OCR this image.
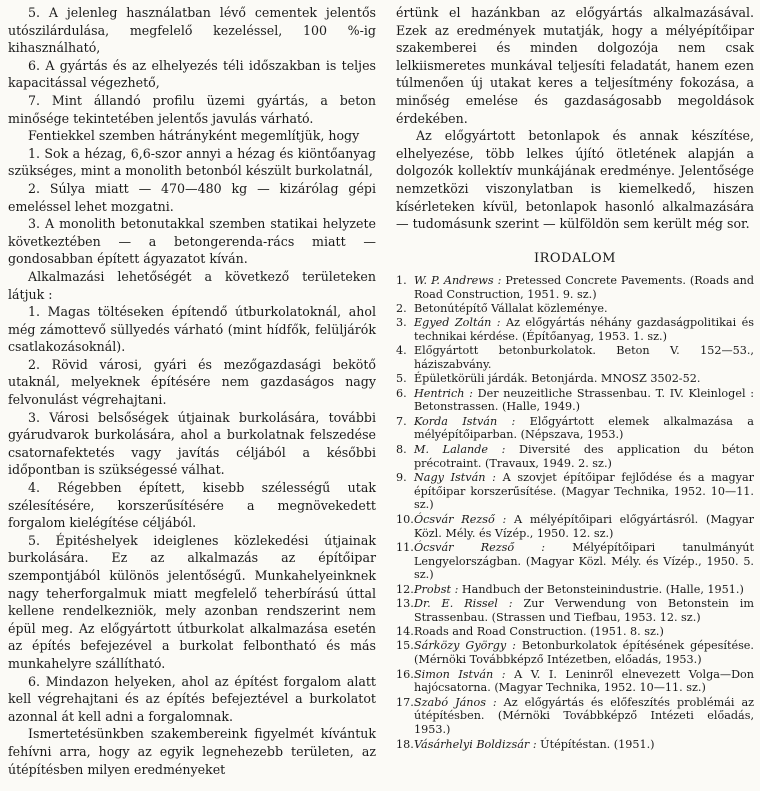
5. A jelenleg használatban lévő cementek jelentős utószilárdulása, megfelelő kezeléssel, 100 %-ig kihasználható,

6. A gyártás és az elhelyezés téli időszakban is teljes kapacitással végezhető,

7. Mint állandó profilu üzemi gyártás, a beton minősége tekintetében jelentős javulás várható.

Fentiekkel szemben hátrányként megemlítjük, hogy

1. Sok a hézag, 6,6-szor annyi a hézag és kiöntőanyag szükséges, mint a monolith betonból készült burkolatnál,

2. Súlya miatt — 470—480 kg — kizárólag gépi emeléssel lehet mozgatni.

3. A monolith betonutakkal szemben statikai helyzete következtében — a betongerenda-rács miatt — gondosabban épített ágyazatot kíván.

Alkalmazási lehetőségét a következő területeken látjuk :

1. Magas töltéseken építendő útburkolatoknál, ahol még zámottevő süllyedés várható (mint hídfők, felüljárók csatlakozásoknál).

2. Rövid városi, gyári és mezőgazdasági bekötő utaknál, melyeknek építésére nem gazdaságos nagy felvonulást végrehajtani.

3. Városi belsőségek útjainak burkolására, további gyárudvarok burkolására, ahol a burkolatnak felszedése csatornafektetés vagy javítás céljából a későbbi időpontban is szükségessé válhat.

4. Régebben épített, kisebb szélességű utak szélesítésére, korszerűsítésére a megnövekedett forgalom kielégítése céljából.

5. Épitéshelyek ideiglenes közlekedési útjainak burkolására. Ez az alkalmazás az építőipar szempontjából különös jelentőségű. Munkahelyeinknek nagy teherforgalmuk miatt megfelelő teherbírású úttal kellene rendelkezniök, mely azonban rendszerint nem épül meg. Az előgyártott útburkolat alkalmazása esetén az építés befejezével a burkolat felbontható és más munkahelyre szállítható.

6. Mindazon helyeken, ahol az építést forgalom alatt kell végrehajtani és az építés befejeztével a burkolatot azonnal át kell adni a forgalomnak.

Ismertetésünkben szakembereink figyelmét kívántuk fehívni arra, hogy az egyik legnehezebb területen, az útépítésben milyen eredményeket

értünk el hazánkban az előgyártás alkalmazásával. Ezek az eredmények mutatják, hogy a mélyépítőipar szakemberei és minden dolgozója nem csak lelkiismeretes munkával teljesíti feladatát, hanem ezen túlmenően új utakat keres a teljesítmény fokozása, a minőség emelése és gazdaságosabb megoldások érdekében.

Az előgyártott betonlapok és annak készítése, elhelyezése, több lelkes újító ötletének alapján a dolgozók kollektív munkájának eredménye. Jelentősége nemzetközi viszonylatban is kiemelkedő, hiszen kísérleteken kívül, betonlapok hasonló alkalmazására — tudomásunk szerint — külföldön sem került még sor.

IRODALOM
1. W. P. Andrews : Pretessed Concrete Pavements. (Roads and Road Construction, 1951. 9. sz.)
2. Betonútépítő Vállalat közleménye.
3. Egyed Zoltán : Az előgyártás néhány gazdaságpolitikai és technikai kérdése. (Építőanyag, 1953. 1. sz.)
4. Előgyártott betonburkolatok. Beton V. 152—53., háziszabvány.
5. Épületkörüli járdák. Betonjárda. MNOSZ 3502-52.
6. Hentrich : Der neuzeitliche Strassenbau. T. IV. Kleinlogel : Betonstrassen. (Halle, 1949.)
7. Korda István : Előgyártott elemek alkalmazása a mélyépítőiparban. (Népszava, 1953.)
8. M. Lalande : Diversité des application du béton précotraint. (Travaux, 1949. 2. sz.)
9. Nagy István : A szovjet építőipar fejlődése és a magyar építőipar korszerűsítése. (Magyar Technika, 1952. 10—11. sz.)
10. Ócsvár Rezső : A mélyépítőipari előgyártásról. (Magyar Közl. Mély. és Vízép., 1950. 12. sz.)
11. Ócsvár Rezső : Mélyépítőipari tanulmányút Lengyelországban. (Magyar Közl. Mély. és Vízép., 1950. 5. sz.)
12. Probst : Handbuch der Betonsteinindustrie. (Halle, 1951.)
13. Dr. E. Rissel : Zur Verwendung von Betonstein im Strassenbau. (Strassen und Tiefbau, 1953. 12. sz.)
14. Roads and Road Construction. (1951. 8. sz.)
15. Sárközy György : Betonburkolatok építésének gépesítése. (Mérnöki Továbbképző Intézetben, előadás, 1953.)
16. Simon István : A V. I. Leninről elnevezett Volga—Don hajócsatorna. (Magyar Technika, 1952. 10—11. sz.)
17. Szabó János : Az előgyártás és előfeszítés problémái az útépítésben. (Mérnöki Továbbképző Intézeti előadás, 1953.)
18. Vásárhelyi Boldizsár : Útépítéstan. (1951.)
